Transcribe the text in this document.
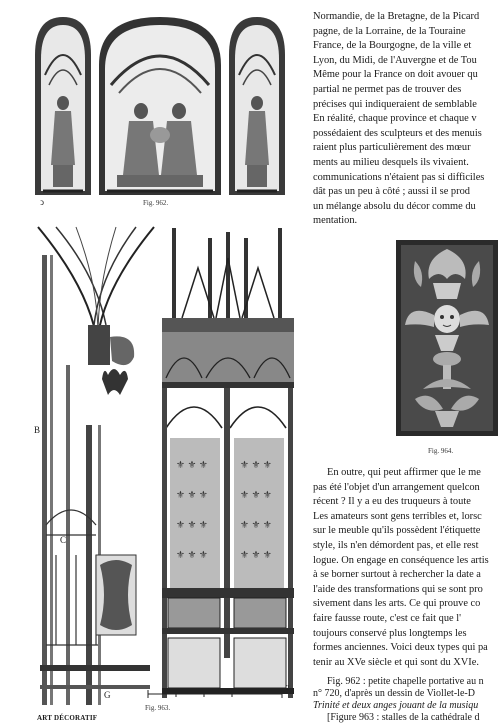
ↄ	Fig. 962.
B
C
G
⚜ ⚜ ⚜
⚜ ⚜ ⚜
⚜ ⚜ ⚜
⚜ ⚜ ⚜
⚜ ⚜ ⚜
⚜ ⚜ ⚜
⚜ ⚜ ⚜
⚜ ⚜ ⚜
2
Fig. 963.
Fig. 964.
Normandie, de la Bretagne, de la Picard
pagne, de la Lorraine, de la Touraine
France, de la Bourgogne, de la ville et
Lyon, du Midi, de l'Auvergne et de Tou
Même pour la France on doit avouer qu
partial ne permet pas de trouver des
précises qui indiqueraient de semblable
En réalité, chaque province et chaque v
possédaient des sculpteurs et des menuis
raient plus particulièrement des mœur
ments au milieu desquels ils vivaient.
communications n'étaient pas si difficiles
dât pas un peu à côté ; aussi il se prod
un mélange absolu du décor comme du
mentation.
En outre, qui peut affirmer que le me
pas été l'objet d'un arrangement quelcon
récent ? Il y a eu des truqueurs à toute
Les amateurs sont gens terribles et, lorsc
sur le meuble qu'ils possèdent l'étiquette
style, ils n'en démordent pas, et elle rest
logue. On engage en conséquence les artis
à se borner surtout à rechercher la date a
l'aide des transformations qui se sont pro
sivement dans les arts. Ce qui prouve co
faire fausse route, c'est ce fait que l'
toujours conservé plus longtemps les
formes anciennes. Voici deux types qui pa
tenir au XVe siècle et qui sont du XVIe.
Fig. 962 : petite chapelle portative au n
n° 720, d'après un dessin de Viollet-le-D
Trinité et deux anges jouant de la musiqu
[Figure 963 : stalles de la cathédrale d
ART DÉCORATIF
